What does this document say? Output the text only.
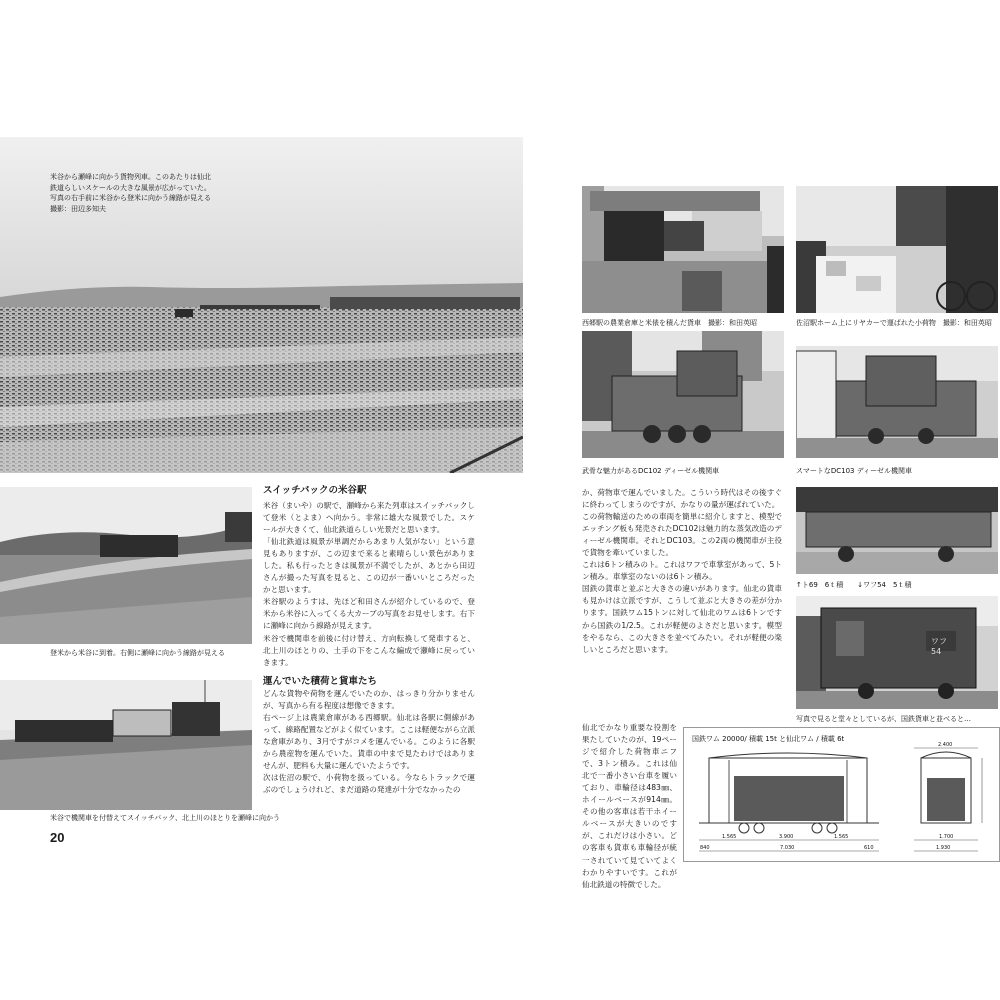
米谷から瀬峰に向かう貨物列車。このあたりは仙北
鉄道らしいスケールの大きな風景が広がっていた。
写真の右手前に米谷から登米に向かう線路が見える
撮影：田辺多知夫
登米から米谷に到着。右側に瀬峰に向かう線路が見える
米谷で機関車を付替えてスイッチバック、北上川のほとりを瀬峰に向かう
20
スイッチバックの米谷駅

米谷（まいや）の駅で、瀬峰から来た列車はスイッチバックして登米（とよま）へ向かう。非常に雄大な風景でした。スケールが大きくて、仙北鉄道らしい光景だと思います。

「仙北鉄道は風景が単調だからあまり人気がない」という意見もありますが、この辺まで来ると素晴らしい景色がありました。私も行ったときは風景が不満でしたが、あとから田辺さんが撮った写真を見ると、この辺が一番いいところだったかと思います。

米谷駅のようすは、先ほど和田さんが紹介しているので、登米から米谷に入ってくる大カーブの写真をお見せします。右下に瀬峰に向かう線路が見えます。

米谷で機関車を前後に付け替え、方向転換して発車すると、北上川のほとりの、土手の下をこんな編成で瀬峰に戻っていきます。

運んでいた積荷と貨車たち

どんな貨物や荷物を運んでいたのか、はっきり分かりませんが、写真から有る程度は想像できます。

右ページ上は農業倉庫がある西郷駅。仙北は各駅に側線があって、線路配置などがよく似ています。ここは軽便ながら立派な倉庫があり、3月ですがコメを運んでいる。このように各駅から農産物を運んでいた。貨車の中まで見たわけではありませんが、肥料も大量に運んでいたようです。

次は佐沼の駅で、小荷物を扱っている。今ならトラックで運ぶのでしょうけれど、まだ道路の発達が十分でなかったの

か、荷物車で運んでいました。こういう時代はその後すぐに終わってしまうのですが、かなりの量が運ばれていた。

この荷物輸送のための車両を簡単に紹介しますと、模型でエッチング板も発売されたDC102は魅力的な蒸気改造のディーゼル機関車。それとDC103。この2両の機関車が主役で貨物を牽いていました。

これは6トン積みのト。これはワフで車掌室があって、5トン積み。車掌室のないのは6トン積み。

国鉄の貨車と並ぶと大きさの違いがあります。仙北の貨車も見かけは立派ですが、こうして並ぶと大きさの差が分かります。国鉄ワム15トンに対して仙北のワムは6トンですから国鉄の1/2.5。これが軽便のよさだと思います。模型をやるなら、この大きさを並べてみたい。それが軽便の楽しいところだと思います。

仙北でかなり重要な役割を果たしていたのが、19ページで紹介した荷物車ニフで、3トン積み。これは仙北で一番小さい台車を履いており、車輪径は483㎜、ホイールベースが914㎜。その他の客車は若干ホイールベースが大きいのですが、これだけは小さい。どの客車も貨車も車輪径が統一されていて見ていてよくわかりやすいです。これが仙北鉄道の特徴でした。

西郷駅の農業倉庫と米俵を積んだ貨車　撮影：和田英昭	佐沼駅ホーム上にリヤカーで運ばれた小荷物　撮影：和田英昭
武骨な魅力があるDC102 ディーゼル機関車	スマートなDC103 ディーゼル機関車
↑ト69　6ｔ積　　↓ワフ54　5ｔ積
ワフ
54
写真で見ると堂々としているが、国鉄貨車と並べると…
国鉄ワム 20000/ 積載 15t と仙北ワム / 積載 6t
1.565	3.900	1.565
7.030
2.400
1.930
1.700
840	610
